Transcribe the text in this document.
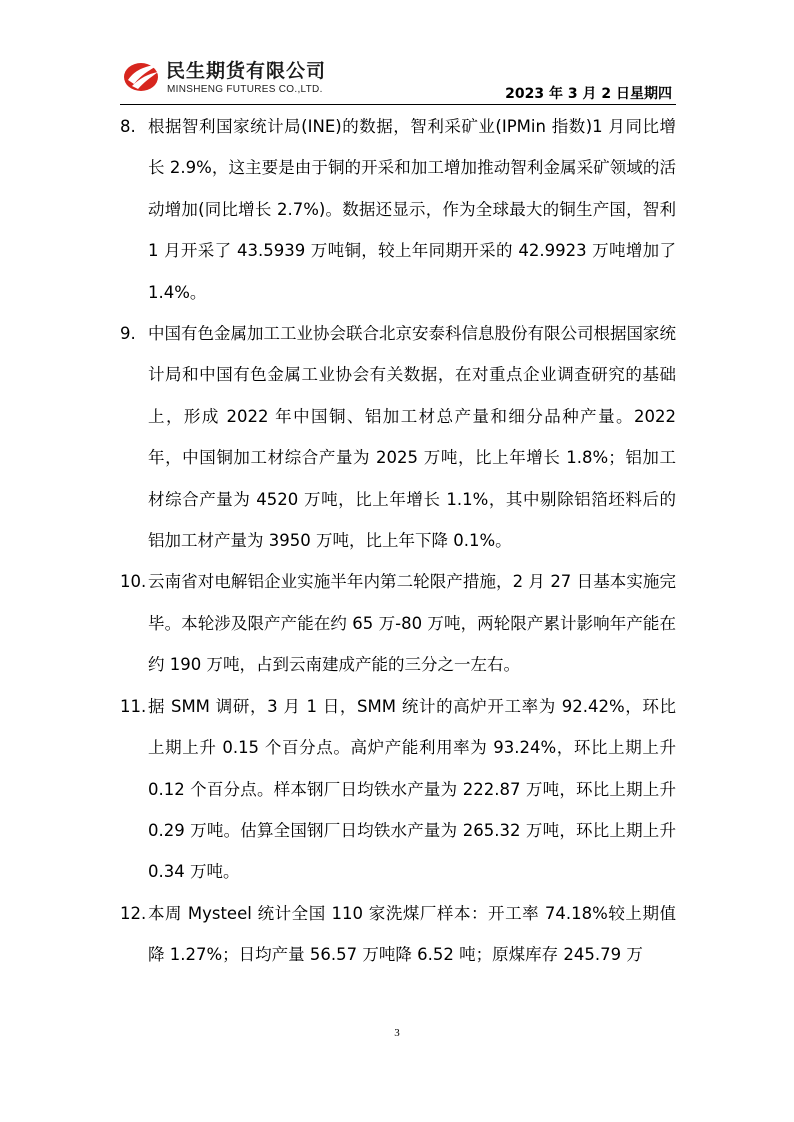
民生期货有限公司
MINSHENG FUTURES CO.,LTD.	2023 年 3 月 2 日星期四
8. 根据智利国家统计局(INE)的数据，智利采矿业(IPMin 指数)1 月同比增长 2.9%，这主要是由于铜的开采和加工增加推动智利金属采矿领域的活动增加(同比增长 2.7%)。数据还显示，作为全球最大的铜生产国，智利 1 月开采了 43.5939 万吨铜，较上年同期开采的 42.9923 万吨增加了 1.4%。
9. 中国有色金属加工工业协会联合北京安泰科信息股份有限公司根据国家统计局和中国有色金属工业协会有关数据，在对重点企业调查研究的基础上，形成 2022 年中国铜、铝加工材总产量和细分品种产量。2022 年，中国铜加工材综合产量为 2025 万吨，比上年增长 1.8%；铝加工材综合产量为 4520 万吨，比上年增长 1.1%，其中剔除铝箔坯料后的铝加工材产量为 3950 万吨，比上年下降 0.1%。
10. 云南省对电解铝企业实施半年内第二轮限产措施，2 月 27 日基本实施完毕。本轮涉及限产产能在约 65 万-80 万吨，两轮限产累计影响年产能在约 190 万吨，占到云南建成产能的三分之一左右。
11. 据 SMM 调研，3 月 1 日，SMM 统计的高炉开工率为 92.42%，环比上期上升 0.15 个百分点。高炉产能利用率为 93.24%，环比上期上升 0.12 个百分点。样本钢厂日均铁水产量为 222.87 万吨，环比上期上升 0.29 万吨。估算全国钢厂日均铁水产量为 265.32 万吨，环比上期上升 0.34 万吨。
12. 本周 Mysteel 统计全国 110 家洗煤厂样本：开工率 74.18%较上期值降 1.27%；日均产量 56.57 万吨降 6.52 吨；原煤库存 245.79 万
3
